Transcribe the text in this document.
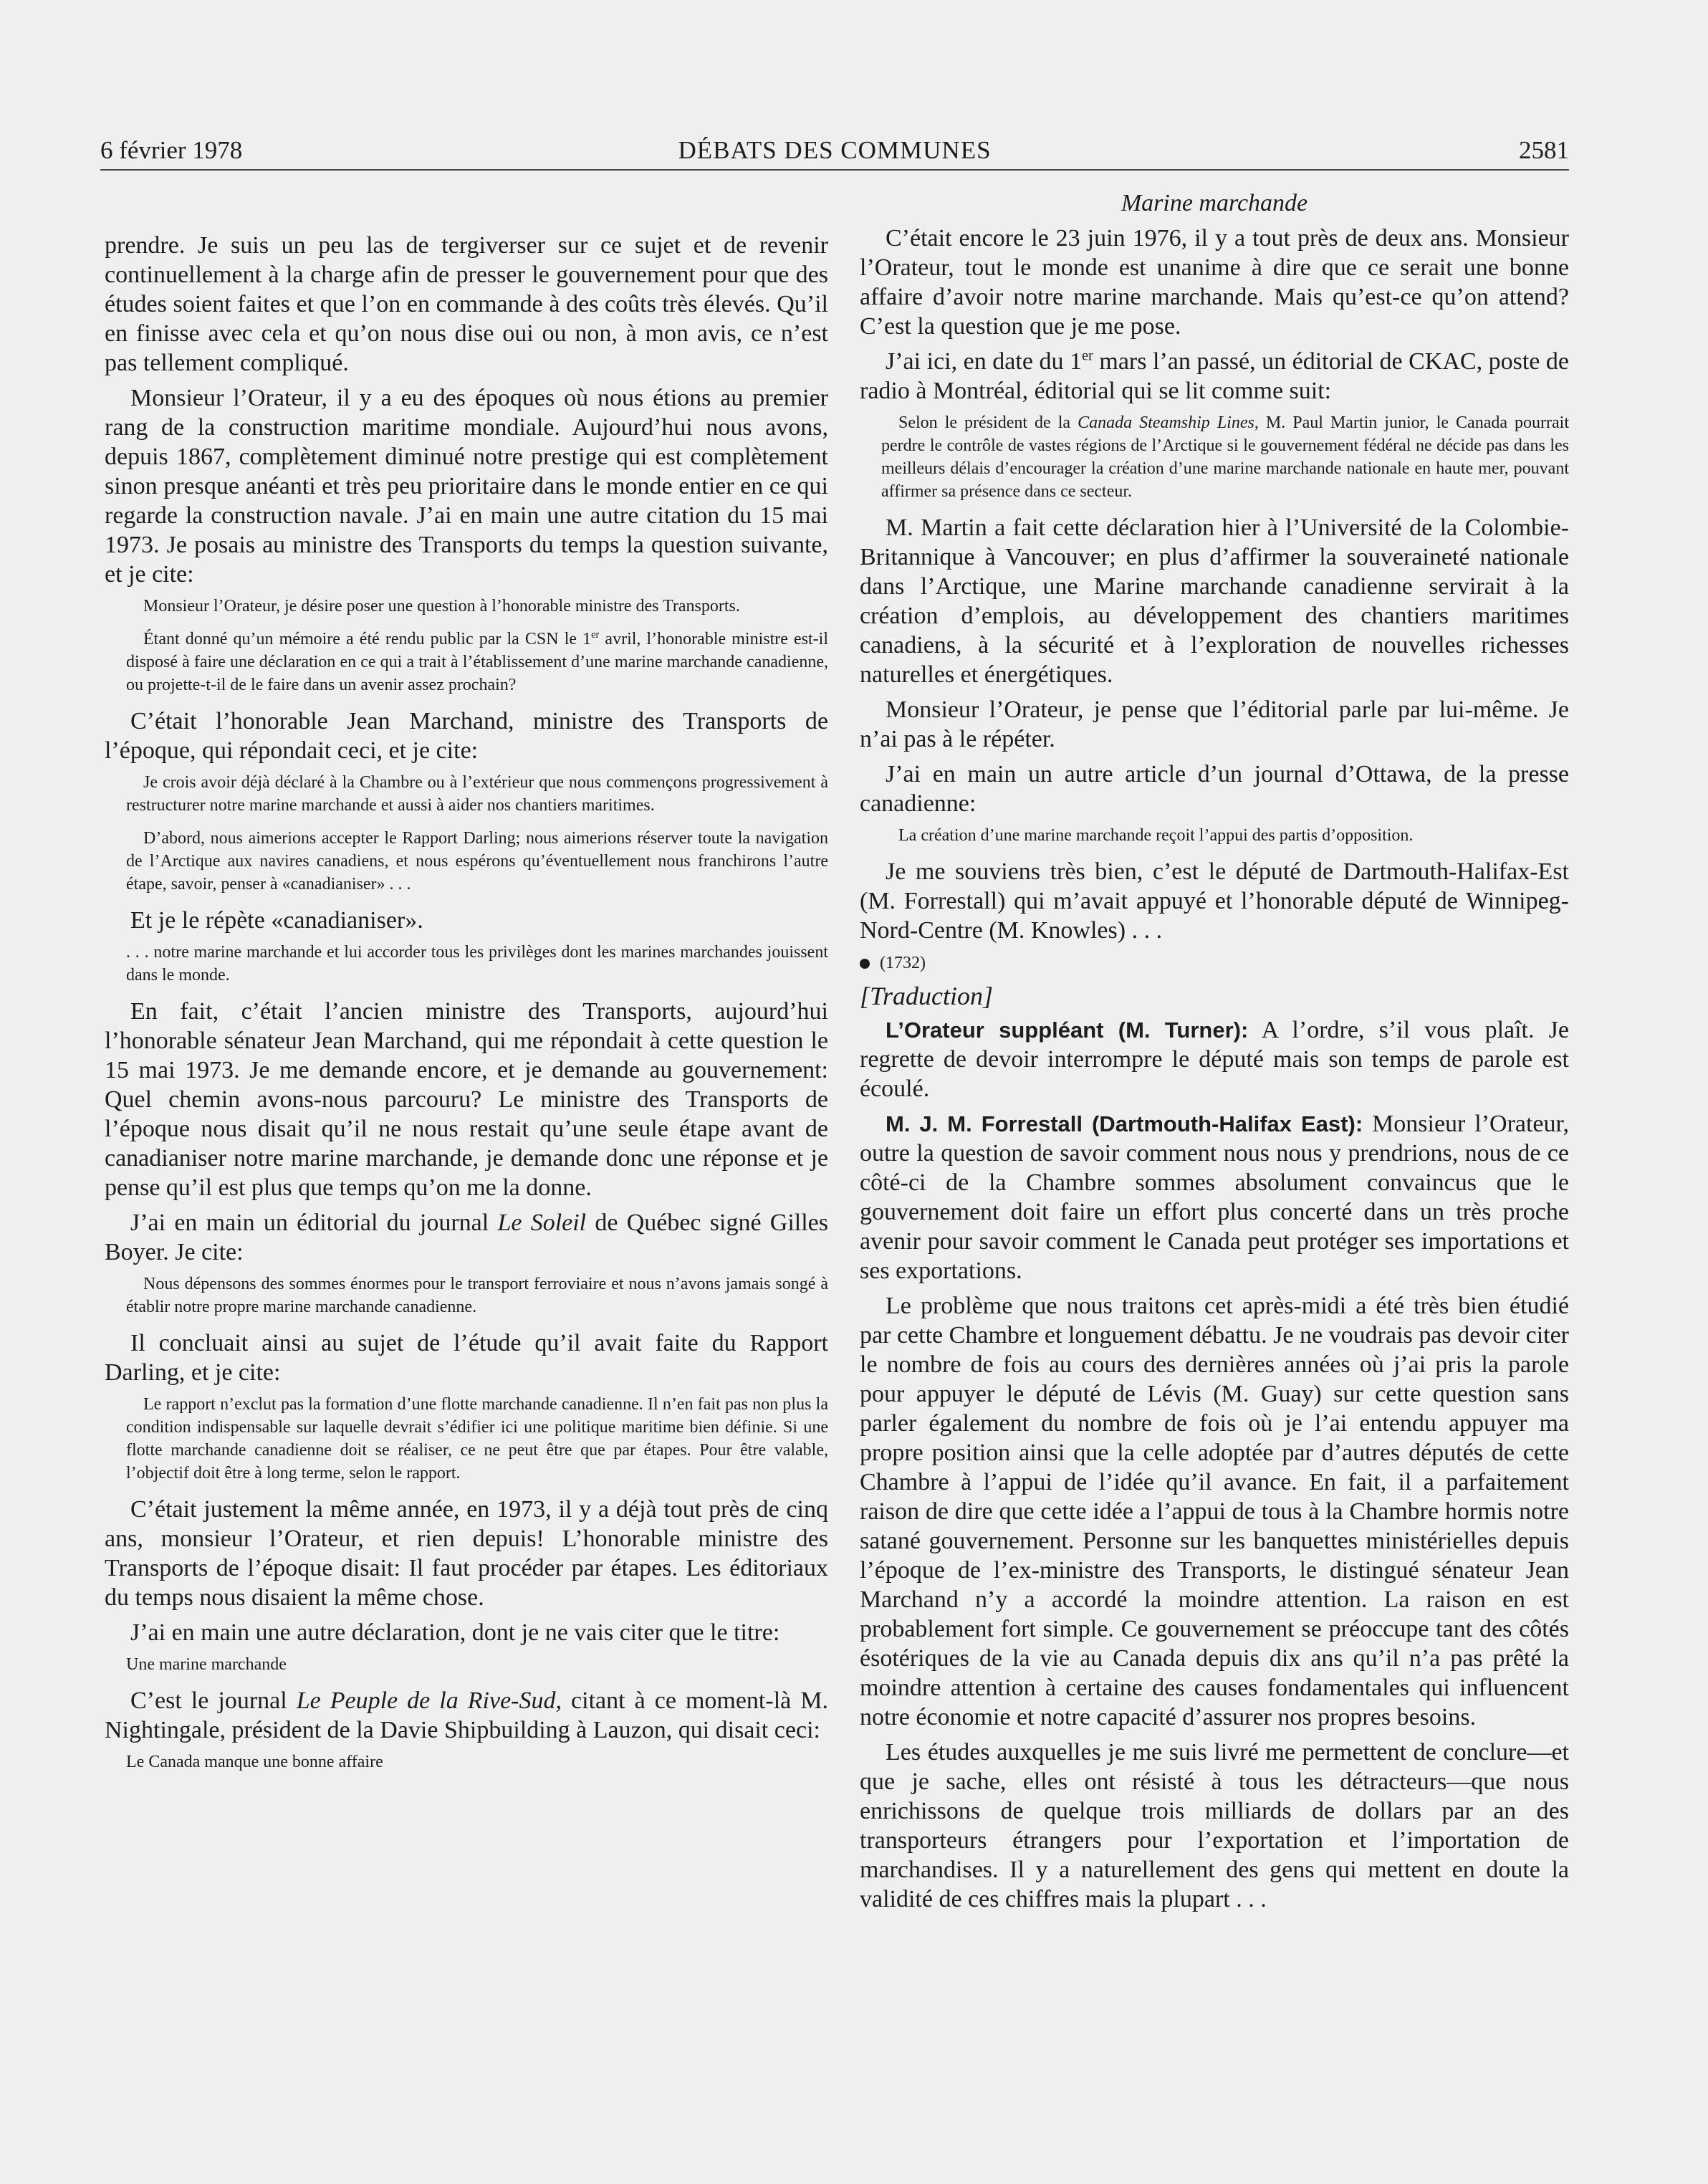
6 février 1978	DÉBATS DES COMMUNES	2581

prendre. Je suis un peu las de tergiverser sur ce sujet et de revenir continuellement à la charge afin de presser le gouvernement pour que des études soient faites et que l’on en commande à des coûts très élevés. Qu’il en finisse avec cela et qu’on nous dise oui ou non, à mon avis, ce n’est pas tellement compliqué.

Monsieur l’Orateur, il y a eu des époques où nous étions au premier rang de la construction maritime mondiale. Aujourd’hui nous avons, depuis 1867, complètement diminué notre prestige qui est complètement sinon presque anéanti et très peu prioritaire dans le monde entier en ce qui regarde la construction navale. J’ai en main une autre citation du 15 mai 1973. Je posais au ministre des Transports du temps la question suivante, et je cite:

Monsieur l’Orateur, je désire poser une question à l’honorable ministre des Transports.

Étant donné qu’un mémoire a été rendu public par la CSN le 1er avril, l’honorable ministre est-il disposé à faire une déclaration en ce qui a trait à l’établissement d’une marine marchande canadienne, ou projette-t-il de le faire dans un avenir assez prochain?

C’était l’honorable Jean Marchand, ministre des Transports de l’époque, qui répondait ceci, et je cite:

Je crois avoir déjà déclaré à la Chambre ou à l’extérieur que nous commençons progressivement à restructurer notre marine marchande et aussi à aider nos chantiers maritimes.

D’abord, nous aimerions accepter le Rapport Darling; nous aimerions réserver toute la navigation de l’Arctique aux navires canadiens, et nous espérons qu’éventuellement nous franchirons l’autre étape, savoir, penser à «canadianiser» . . .

Et je le répète «canadianiser».

. . . notre marine marchande et lui accorder tous les privilèges dont les marines marchandes jouissent dans le monde.

En fait, c’était l’ancien ministre des Transports, aujourd’hui l’honorable sénateur Jean Marchand, qui me répondait à cette question le 15 mai 1973. Je me demande encore, et je demande au gouvernement: Quel chemin avons-nous parcouru? Le ministre des Transports de l’époque nous disait qu’il ne nous restait qu’une seule étape avant de canadianiser notre marine marchande, je demande donc une réponse et je pense qu’il est plus que temps qu’on me la donne.

J’ai en main un éditorial du journal Le Soleil de Québec signé Gilles Boyer. Je cite:

Nous dépensons des sommes énormes pour le transport ferroviaire et nous n’avons jamais songé à établir notre propre marine marchande canadienne.

Il concluait ainsi au sujet de l’étude qu’il avait faite du Rapport Darling, et je cite:

Le rapport n’exclut pas la formation d’une flotte marchande canadienne. Il n’en fait pas non plus la condition indispensable sur laquelle devrait s’édifier ici une politique maritime bien définie. Si une flotte marchande canadienne doit se réaliser, ce ne peut être que par étapes. Pour être valable, l’objectif doit être à long terme, selon le rapport.

C’était justement la même année, en 1973, il y a déjà tout près de cinq ans, monsieur l’Orateur, et rien depuis! L’honorable ministre des Transports de l’époque disait: Il faut procéder par étapes. Les éditoriaux du temps nous disaient la même chose.

J’ai en main une autre déclaration, dont je ne vais citer que le titre:

Une marine marchande

C’est le journal Le Peuple de la Rive-Sud, citant à ce moment-là M. Nightingale, président de la Davie Shipbuilding à Lauzon, qui disait ceci:

Le Canada manque une bonne affaire

Marine marchande

C’était encore le 23 juin 1976, il y a tout près de deux ans. Monsieur l’Orateur, tout le monde est unanime à dire que ce serait une bonne affaire d’avoir notre marine marchande. Mais qu’est-ce qu’on attend? C’est la question que je me pose.

J’ai ici, en date du 1er mars l’an passé, un éditorial de CKAC, poste de radio à Montréal, éditorial qui se lit comme suit:

Selon le président de la Canada Steamship Lines, M. Paul Martin junior, le Canada pourrait perdre le contrôle de vastes régions de l’Arctique si le gouvernement fédéral ne décide pas dans les meilleurs délais d’encourager la création d’une marine marchande nationale en haute mer, pouvant affirmer sa présence dans ce secteur.

M. Martin a fait cette déclaration hier à l’Université de la Colombie-Britannique à Vancouver; en plus d’affirmer la souveraineté nationale dans l’Arctique, une Marine marchande canadienne servirait à la création d’emplois, au développement des chantiers maritimes canadiens, à la sécurité et à l’exploration de nouvelles richesses naturelles et énergétiques.

Monsieur l’Orateur, je pense que l’éditorial parle par lui-même. Je n’ai pas à le répéter.

J’ai en main un autre article d’un journal d’Ottawa, de la presse canadienne:

La création d’une marine marchande reçoit l’appui des partis d’opposition.

Je me souviens très bien, c’est le député de Dartmouth-Halifax-Est (M. Forrestall) qui m’avait appuyé et l’honorable député de Winnipeg-Nord-Centre (M. Knowles) . . .

(1732)

[Traduction]

L’Orateur suppléant (M. Turner): A l’ordre, s’il vous plaît. Je regrette de devoir interrompre le député mais son temps de parole est écoulé.

M. J. M. Forrestall (Dartmouth-Halifax East): Monsieur l’Orateur, outre la question de savoir comment nous nous y prendrions, nous de ce côté-ci de la Chambre sommes absolument convaincus que le gouvernement doit faire un effort plus concerté dans un très proche avenir pour savoir comment le Canada peut protéger ses importations et ses exportations.

Le problème que nous traitons cet après-midi a été très bien étudié par cette Chambre et longuement débattu. Je ne voudrais pas devoir citer le nombre de fois au cours des dernières années où j’ai pris la parole pour appuyer le député de Lévis (M. Guay) sur cette question sans parler également du nombre de fois où je l’ai entendu appuyer ma propre position ainsi que la celle adoptée par d’autres députés de cette Chambre à l’appui de l’idée qu’il avance. En fait, il a parfaitement raison de dire que cette idée a l’appui de tous à la Chambre hormis notre satané gouvernement. Personne sur les banquettes ministérielles depuis l’époque de l’ex-ministre des Transports, le distingué sénateur Jean Marchand n’y a accordé la moindre attention. La raison en est probablement fort simple. Ce gouvernement se préoccupe tant des côtés ésotériques de la vie au Canada depuis dix ans qu’il n’a pas prêté la moindre attention à certaine des causes fondamentales qui influencent notre économie et notre capacité d’assurer nos propres besoins.

Les études auxquelles je me suis livré me permettent de conclure—et que je sache, elles ont résisté à tous les détracteurs—que nous enrichissons de quelque trois milliards de dollars par an des transporteurs étrangers pour l’exportation et l’importation de marchandises. Il y a naturellement des gens qui mettent en doute la validité de ces chiffres mais la plupart . . .
